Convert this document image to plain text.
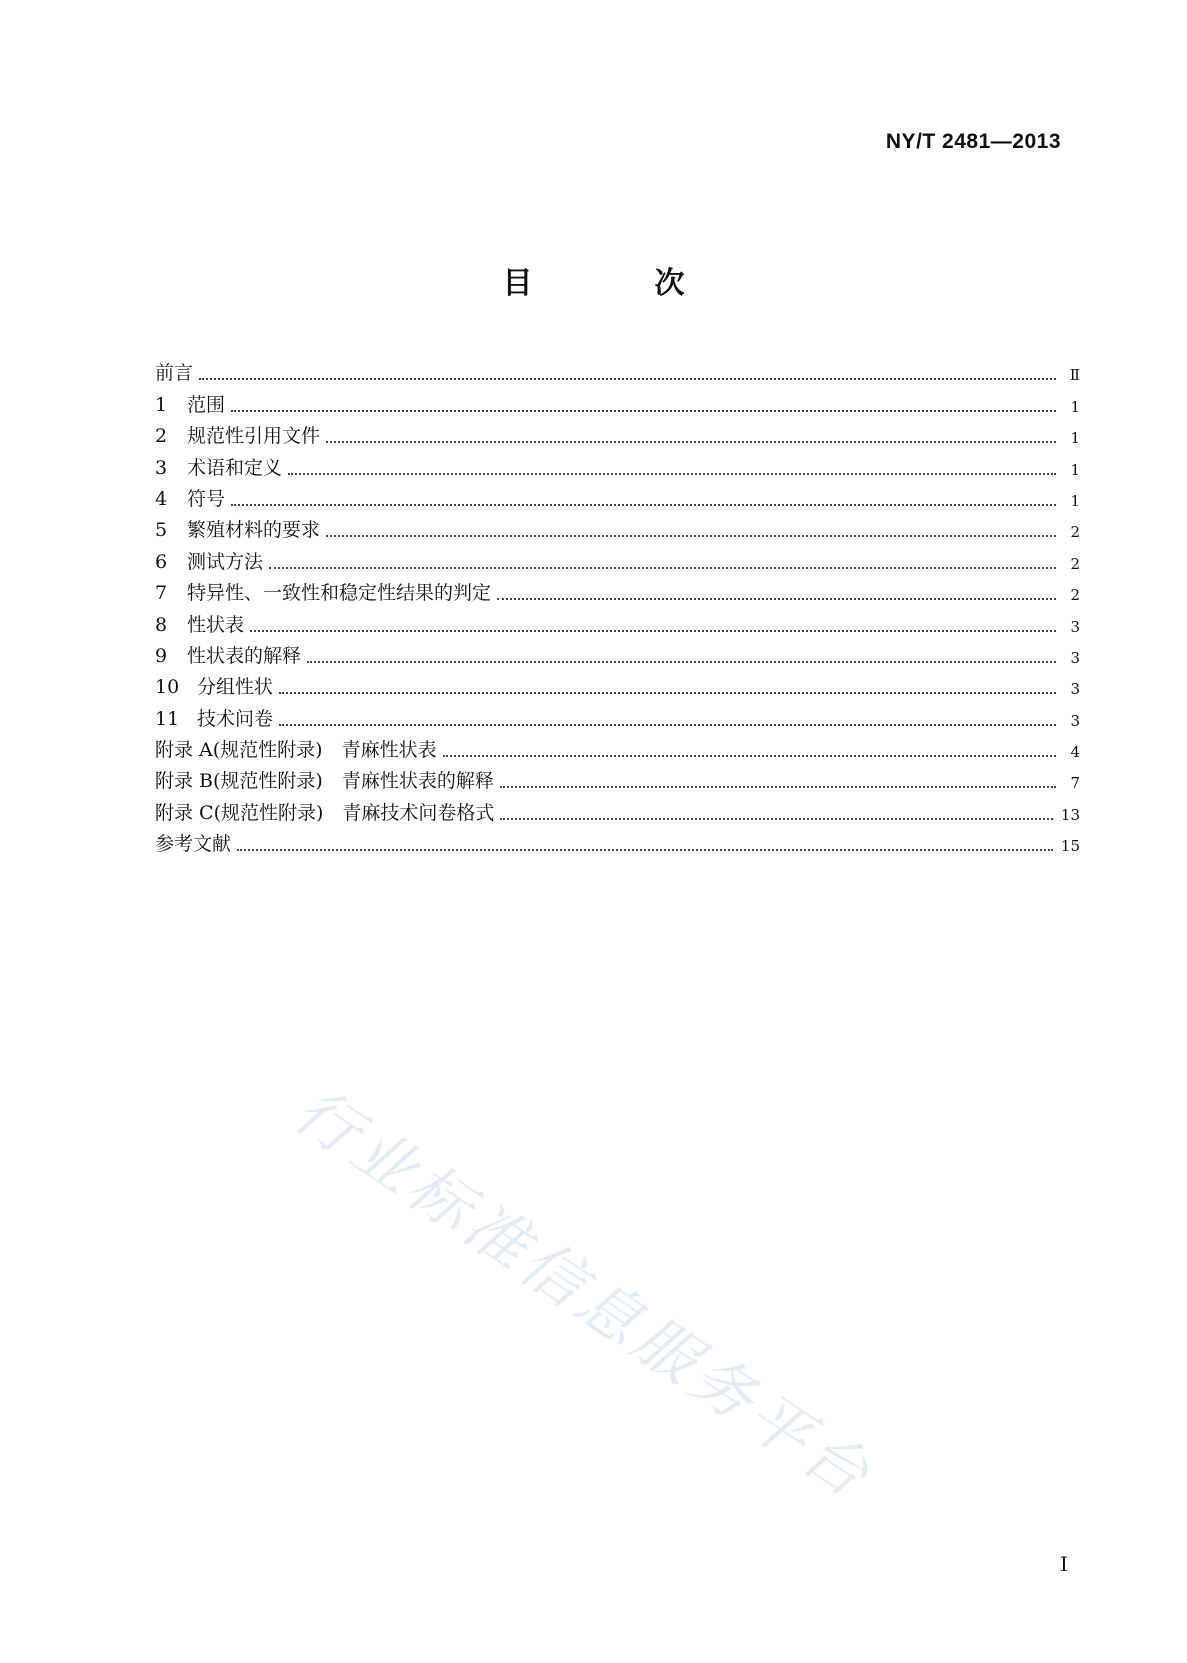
NY/T 2481—2013
目　次
前言	Ⅱ
1	范围	1
2	规范性引用文件	1
3	术语和定义	1
4	符号	1
5	繁殖材料的要求	2
6	测试方法	2
7	特异性、一致性和稳定性结果的判定	2
8	性状表	3
9	性状表的解释	3
10 分组性状	3
11 技术问卷	3
附录 A(规范性附录)　青麻性状表	4
附录 B(规范性附录)　青麻性状表的解释	7
附录 C(规范性附录)　青麻技术问卷格式	13
参考文献	15
Ⅰ
行业标准信息服务平台
